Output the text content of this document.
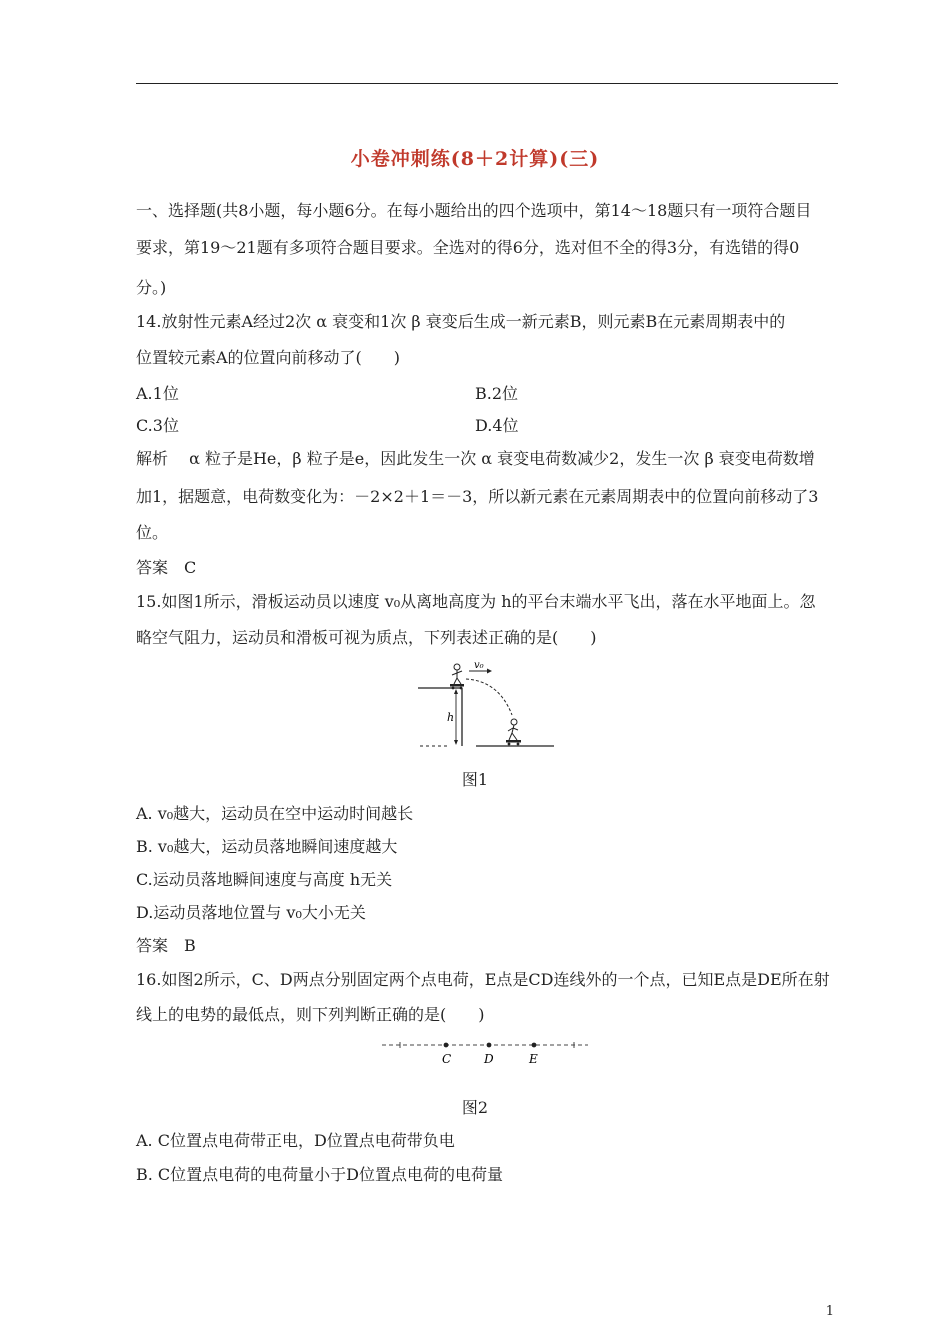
小卷冲刺练(8＋2计算)(三)
一、选择题(共8小题，每小题6分。在每小题给出的四个选项中，第14～18题只有一项符合题目
要求，第19～21题有多项符合题目要求。全选对的得6分，选对但不全的得3分，有选错的得0
分。)
14.放射性元素A经过2次 α 衰变和1次 β 衰变后生成一新元素B，则元素B在元素周期表中的
位置较元素A的位置向前移动了(　　)
A.1位	B.2位
C.3位	D.4位
解析　 α 粒子是He，β 粒子是e，因此发生一次 α 衰变电荷数减少2，发生一次 β 衰变电荷数增
加1，据题意，电荷数变化为：－2×2＋1＝－3，所以新元素在元素周期表中的位置向前移动了3
位。
答案　C
15.如图1所示，滑板运动员以速度 v₀从离地高度为 h的平台末端水平飞出，落在水平地面上。忽
略空气阻力，运动员和滑板可视为质点，下列表述正确的是(　　)
h
v₀
图1
A. v₀越大，运动员在空中运动时间越长
B. v₀越大，运动员落地瞬间速度越大
C.运动员落地瞬间速度与高度 h无关
D.运动员落地位置与 v₀大小无关
答案　B
16.如图2所示，C、D两点分别固定两个点电荷，E点是CD连线外的一个点，已知E点是DE所在射
线上的电势的最低点，则下列判断正确的是(　　)
C	D	E
图2
A. C位置点电荷带正电，D位置点电荷带负电
B. C位置点电荷的电荷量小于D位置点电荷的电荷量
1
